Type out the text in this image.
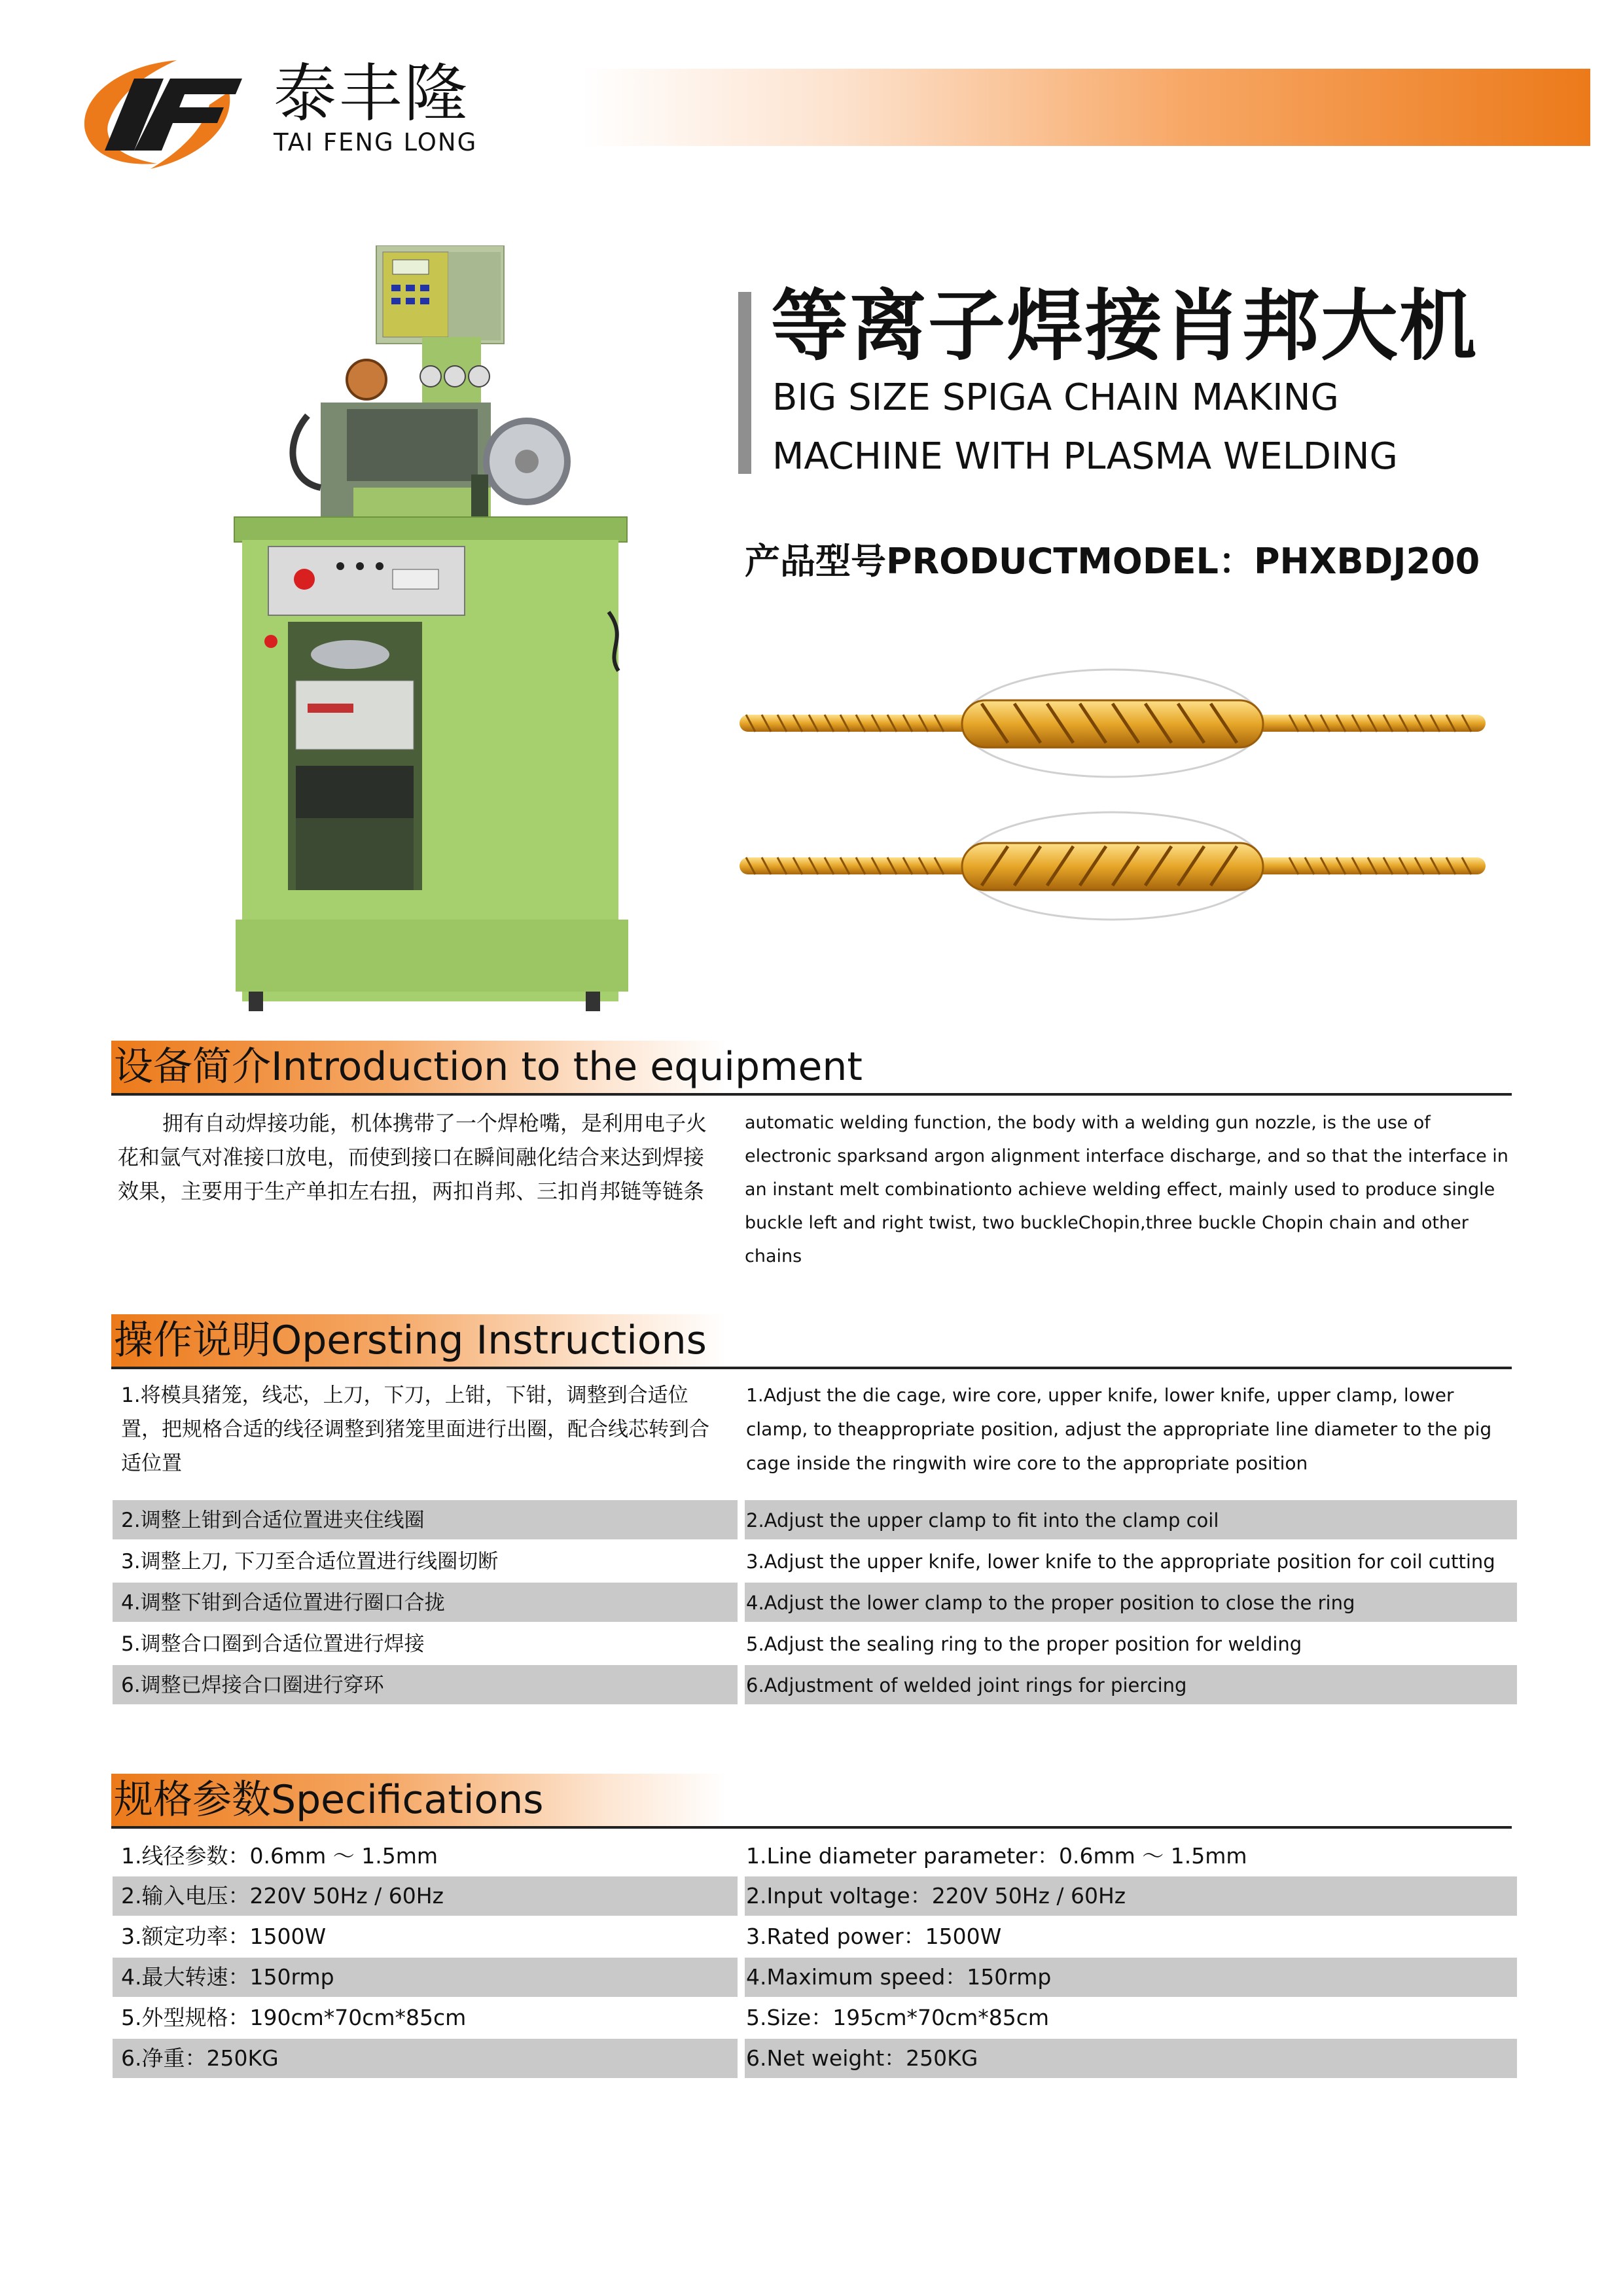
泰丰隆
TAI FENG LONG
等离子焊接肖邦大机
BIG SIZE SPIGA CHAIN MAKING
MACHINE WITH PLASMA WELDING
产品型号PRODUCTMODEL：PHXBDJ200
设备简介Introduction to the equipment
拥有自动焊接功能，机体携带了一个焊枪嘴，是利用电子火花和氩气对准接口放电，而使到接口在瞬间融化结合来达到焊接效果，主要用于生产单扣左右扭，两扣肖邦、三扣肖邦链等链条
automatic welding function, the body with a welding gun nozzle, is the use of electronic sparksand argon alignment interface discharge, and so that the interface in an instant melt combinationto achieve welding effect, mainly used to produce single buckle left and right twist, two buckleChopin,three buckle Chopin chain and other chains
操作说明Opersting Instructions
1.将模具猪笼，线芯，上刀，下刀，上钳，下钳，调整到合适位置，把规格合适的线径调整到猪笼里面进行出圈，配合线芯转到合适位置
1.Adjust the die cage, wire core, upper knife, lower knife, upper clamp, lower clamp, to theappropriate position, adjust the appropriate line diameter to the pig cage inside the ringwith wire core to the appropriate position
2.调整上钳到合适位置进夹住线圈	2.Adjust the upper clamp to fit into the clamp coil
3.调整上刀, 下刀至合适位置进行线圈切断	3.Adjust the upper knife, lower knife to the appropriate position for coil cutting
4.调整下钳到合适位置进行圈口合拢	4.Adjust the lower clamp to the proper position to close the ring
5.调整合口圈到合适位置进行焊接	5.Adjust the sealing ring to the proper position for welding
6.调整已焊接合口圈进行穿环	6.Adjustment of welded joint rings for piercing
规格参数Specifications
1.线径参数：0.6mm 〜 1.5mm	1.Line diameter parameter：0.6mm 〜 1.5mm
2.输入电压：220V 50Hz / 60Hz	2.Input voltage：220V 50Hz / 60Hz
3.额定功率：1500W	3.Rated power：1500W
4.最大转速：150rmp	4.Maximum speed：150rmp
5.外型规格：190cm*70cm*85cm	5.Size：195cm*70cm*85cm
6.净重：250KG	6.Net weight：250KG
